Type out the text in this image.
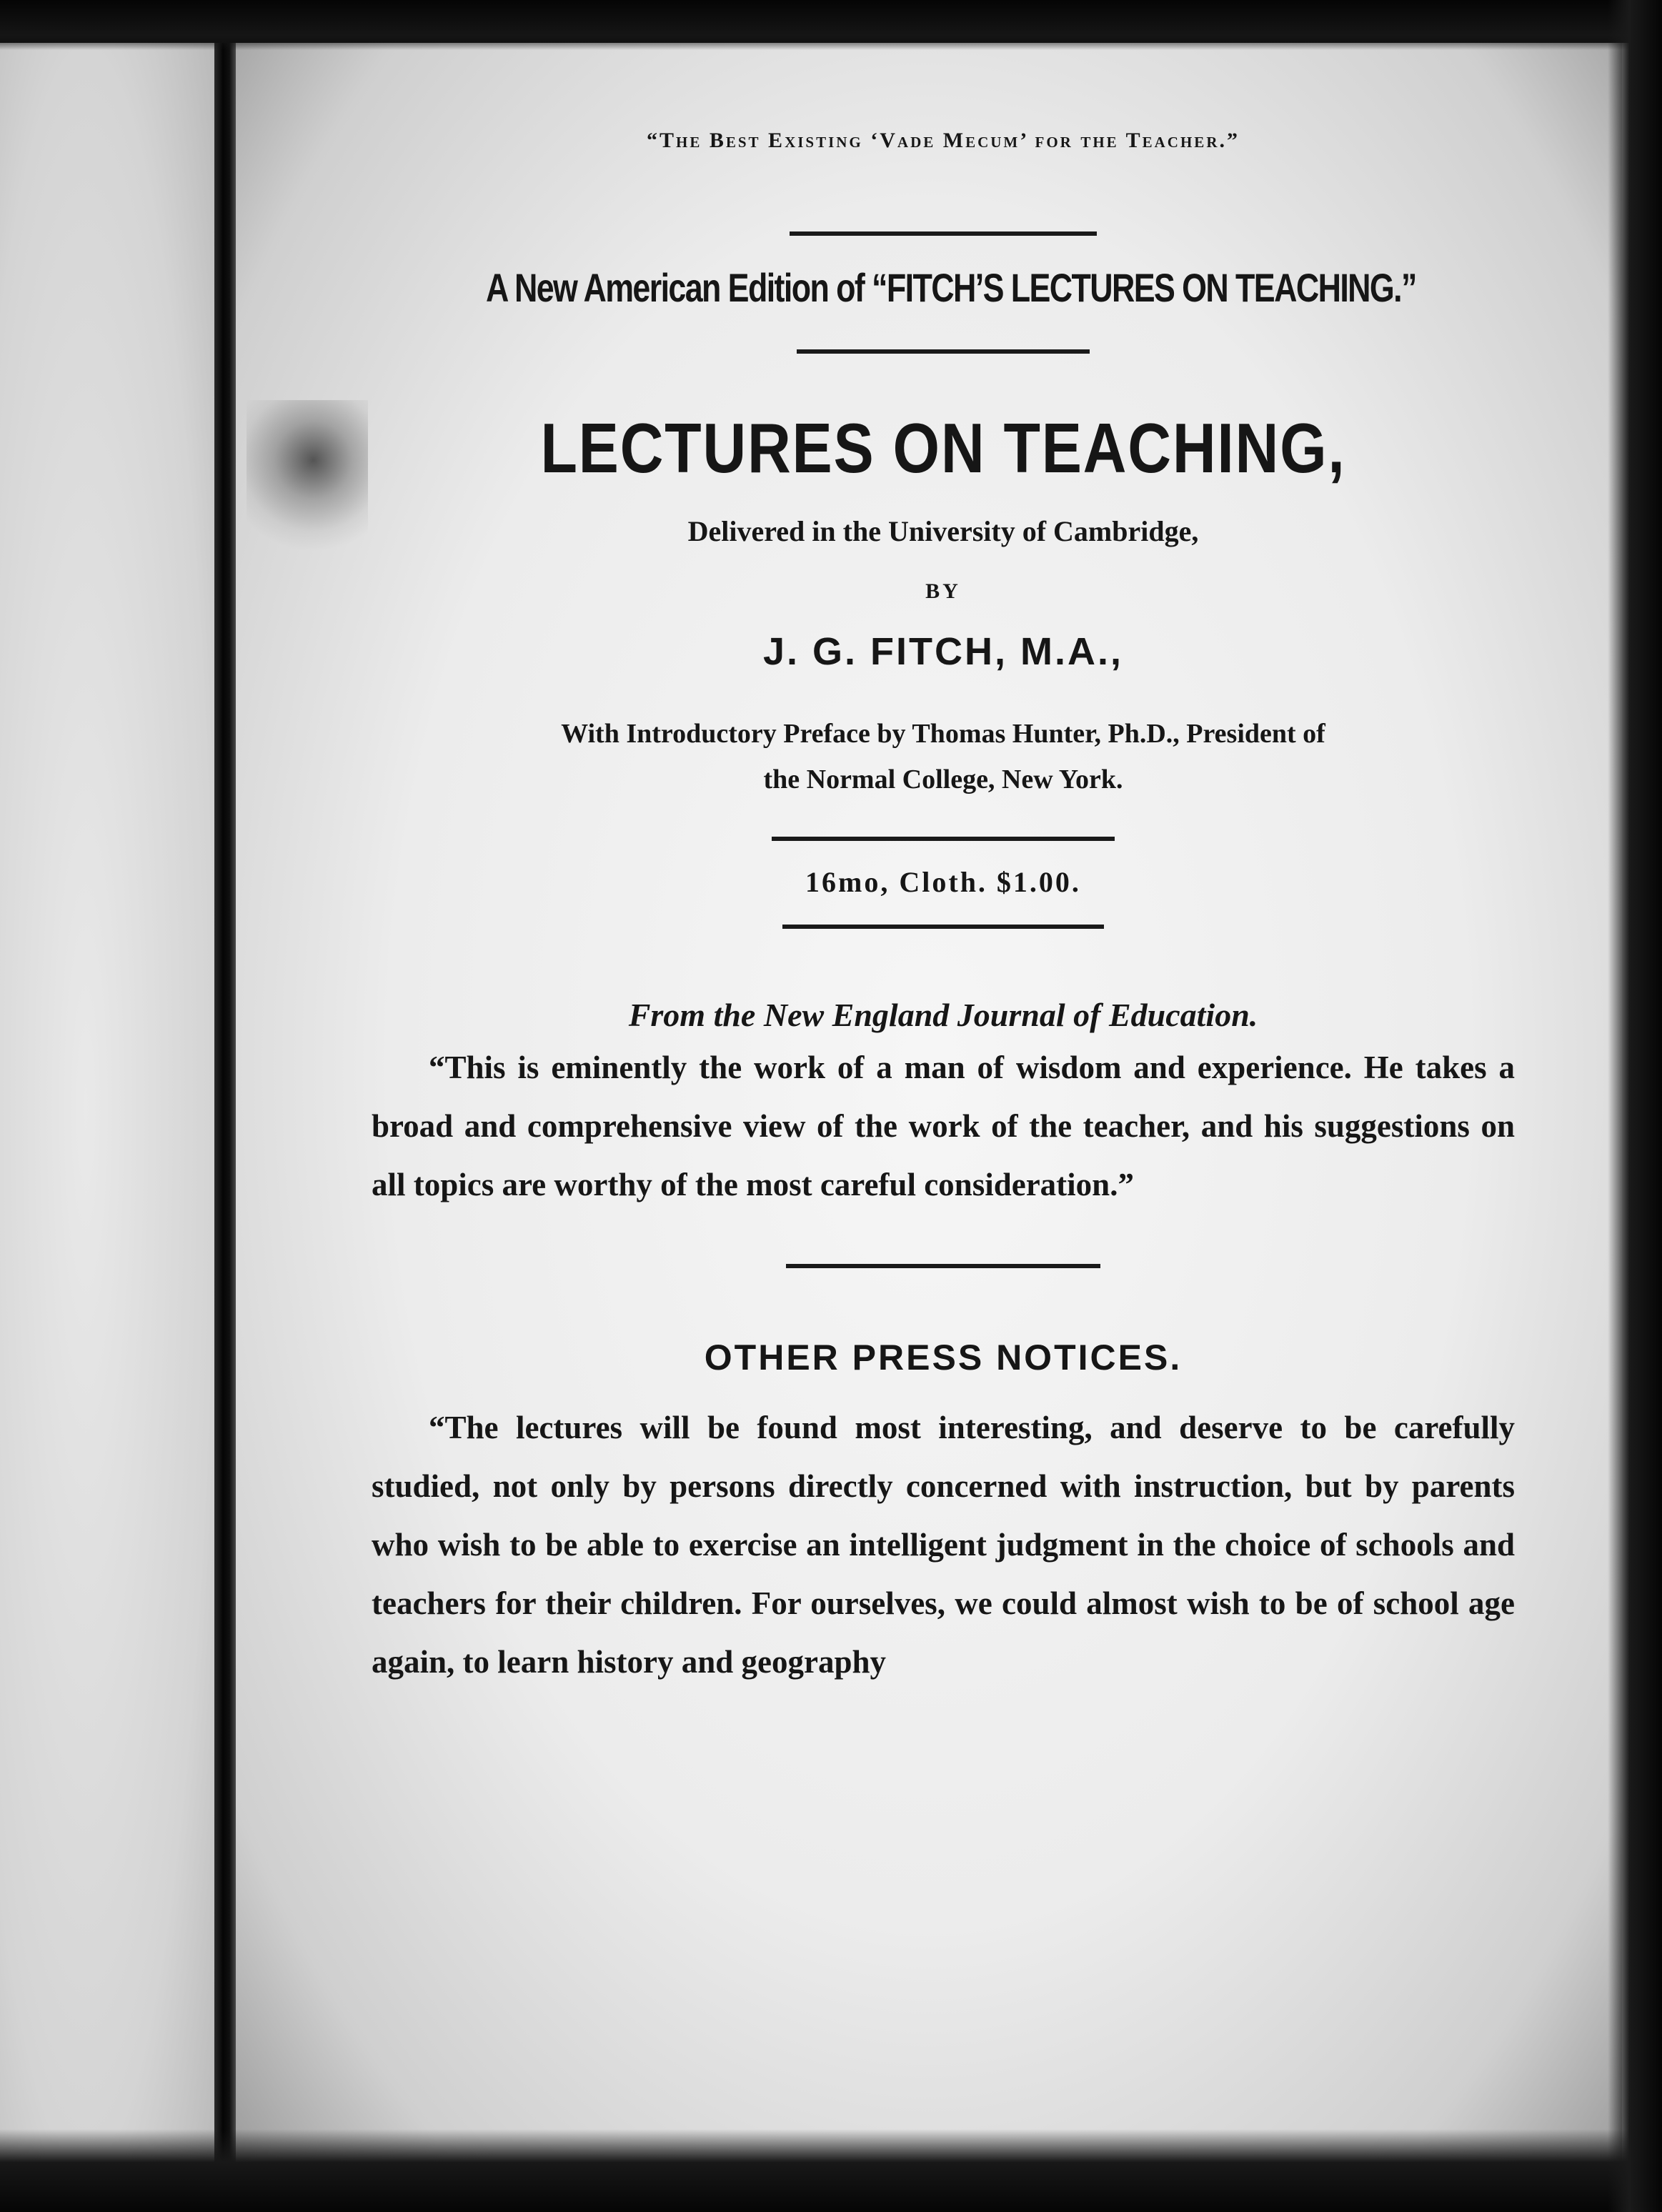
“The Best Existing ‘Vade Mecum’ for the Teacher.”
A New American Edition of “FITCH’S LECTURES ON TEACHING.”
LECTURES ON TEACHING,
Delivered in the University of Cambridge,
BY
J. G. FITCH, M.A.,
With Introductory Preface by Thomas Hunter, Ph.D., President of
the Normal College, New York.
16mo, Cloth. $1.00.
From the New England Journal of Education.

“This is eminently the work of a man of wisdom and experience. He takes a broad and comprehensive view of the work of the teacher, and his suggestions on all topics are worthy of the most careful consideration.”

OTHER PRESS NOTICES.

“The lectures will be found most interesting, and deserve to be carefully studied, not only by persons directly concerned with instruction, but by parents who wish to be able to exercise an intelligent judgment in the choice of schools and teachers for their children. For ourselves, we could almost wish to be of school age again, to learn history and geography
